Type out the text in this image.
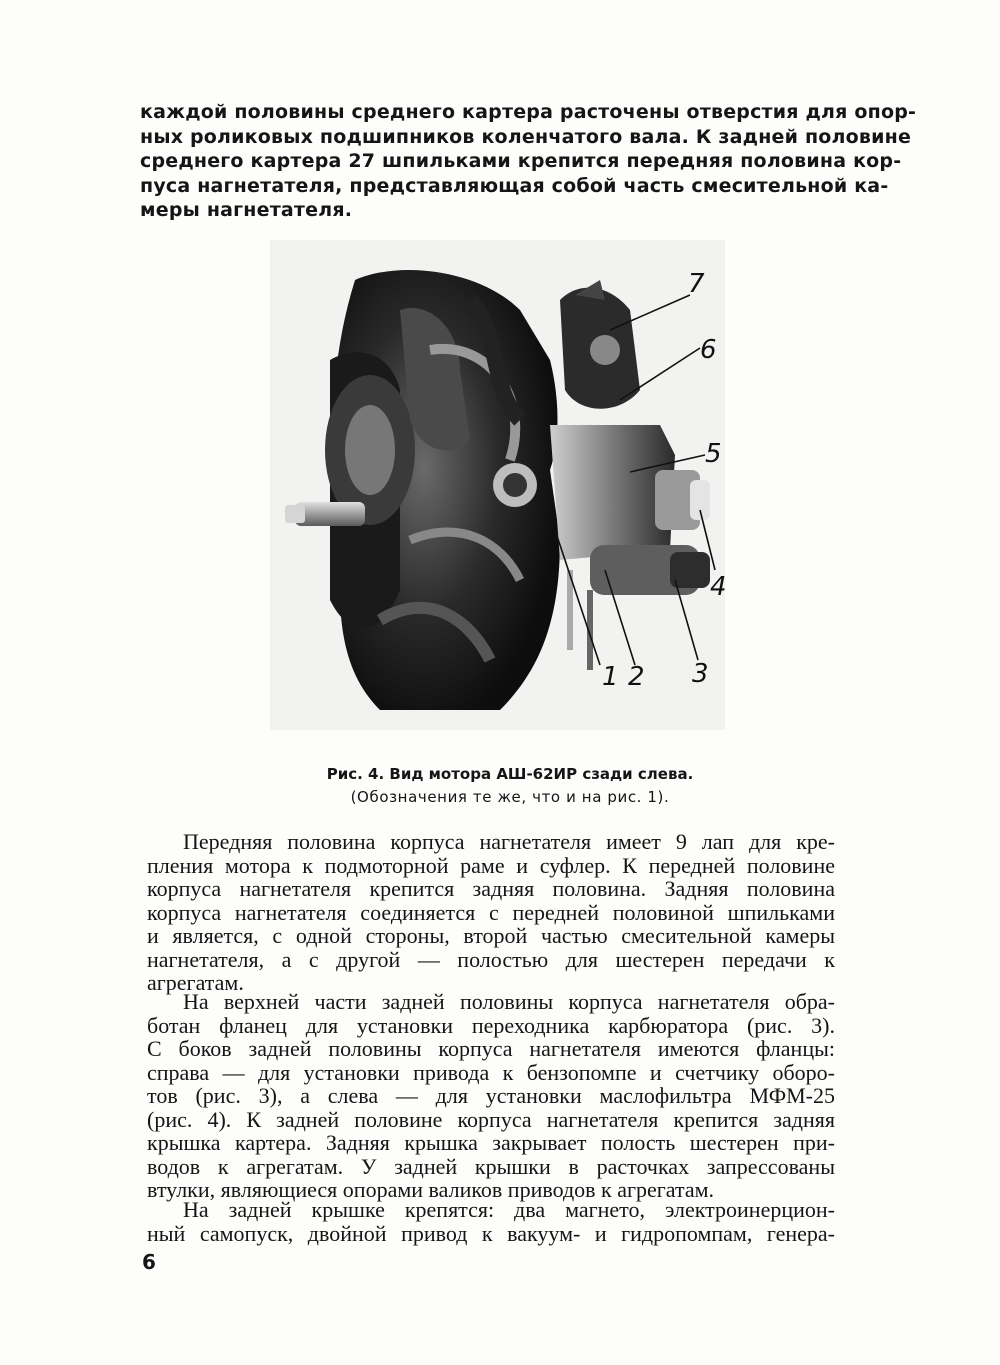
каждой половины среднего картера расточены отверстия для опор-
ных роликовых подшипников коленчатого вала. К задней половине
среднего картера 27 шпильками крепится передняя половина кор-
пуса нагнетателя, представляющая собой часть смесительной ка-
меры нагнетателя.

7
6
5
4
1 2 3
Рис. 4. Вид мотора АШ-62ИР сзади слева.
(Обозначения те же, что и на рис. 1).

Передняя половина корпуса нагнетателя имеет 9 лап для кре-
пления мотора к подмоторной раме и суфлер. К передней половине
корпуса нагнетателя крепится задняя половина. Задняя половина
корпуса нагнетателя соединяется с передней половиной шпильками
и является, с одной стороны, второй частью смесительной камеры
нагнетателя, а с другой — полостью для шестерен передачи к
агрегатам.

На верхней части задней половины корпуса нагнетателя обра-
ботан фланец для установки переходника карбюратора (рис. 3).
С боков задней половины корпуса нагнетателя имеются фланцы:
справа — для установки привода к бензопомпе и счетчику оборо-
тов (рис. 3), а слева — для установки маслофильтра МФМ-25
(рис. 4). К задней половине корпуса нагнетателя крепится задняя
крышка картера. Задняя крышка закрывает полость шестерен при-
водов к агрегатам. У задней крышки в расточках запрессованы
втулки, являющиеся опорами валиков приводов к агрегатам.

На задней крышке крепятся: два магнето, электроинерцион-
ный самопуск, двойной привод к вакуум- и гидропомпам, генера-

6
